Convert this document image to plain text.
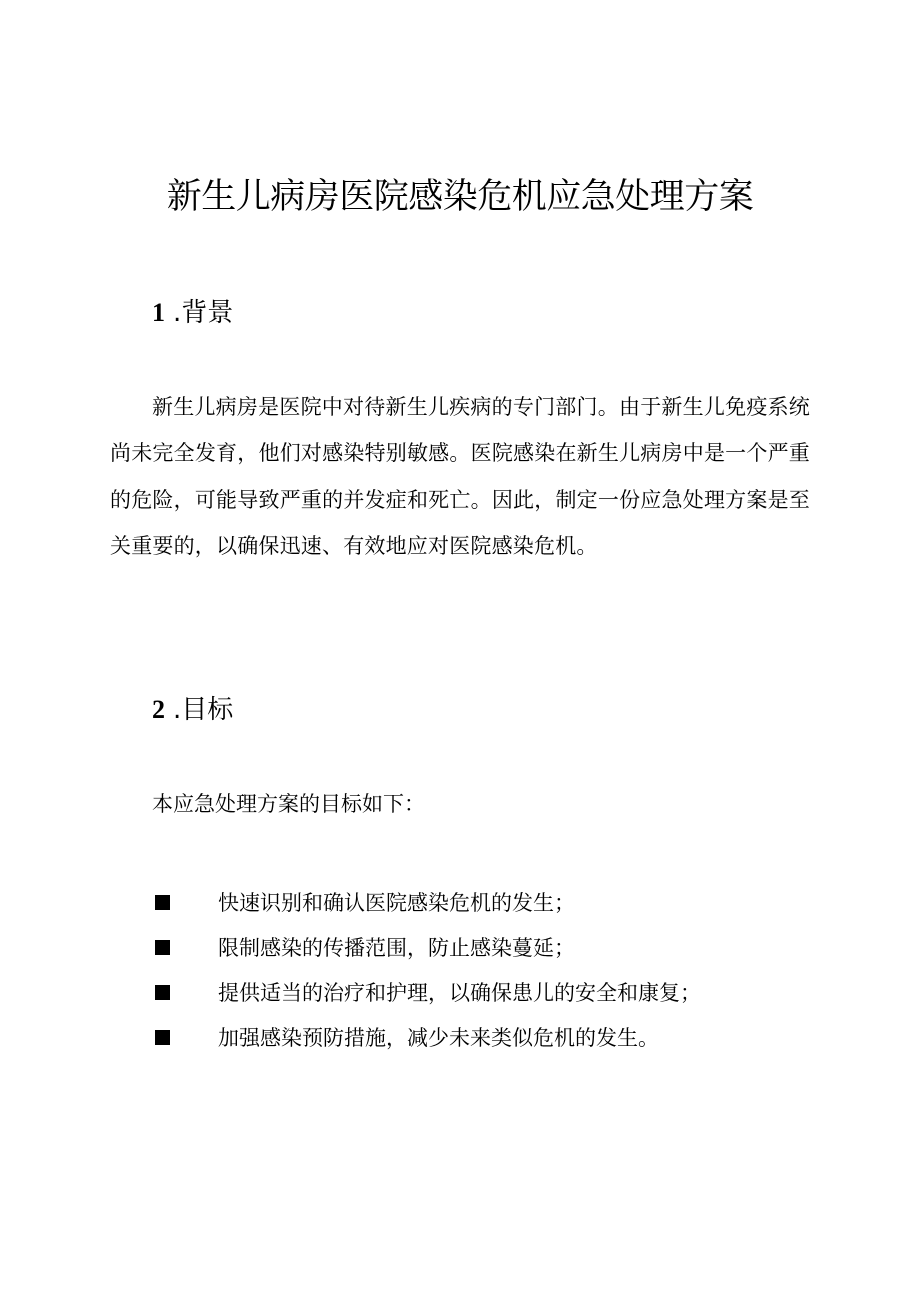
新生儿病房医院感染危机应急处理方案
1 .背景

新生儿病房是医院中对待新生儿疾病的专门部门。由于新生儿免疫系统尚未完全发育，他们对感染特别敏感。医院感染在新生儿病房中是一个严重的危险，可能导致严重的并发症和死亡。因此，制定一份应急处理方案是至关重要的，以确保迅速、有效地应对医院感染危机。

2 .目标

本应急处理方案的目标如下：

快速识别和确认医院感染危机的发生；
限制感染的传播范围，防止感染蔓延；
提供适当的治疗和护理，以确保患儿的安全和康复；
加强感染预防措施，减少未来类似危机的发生。
